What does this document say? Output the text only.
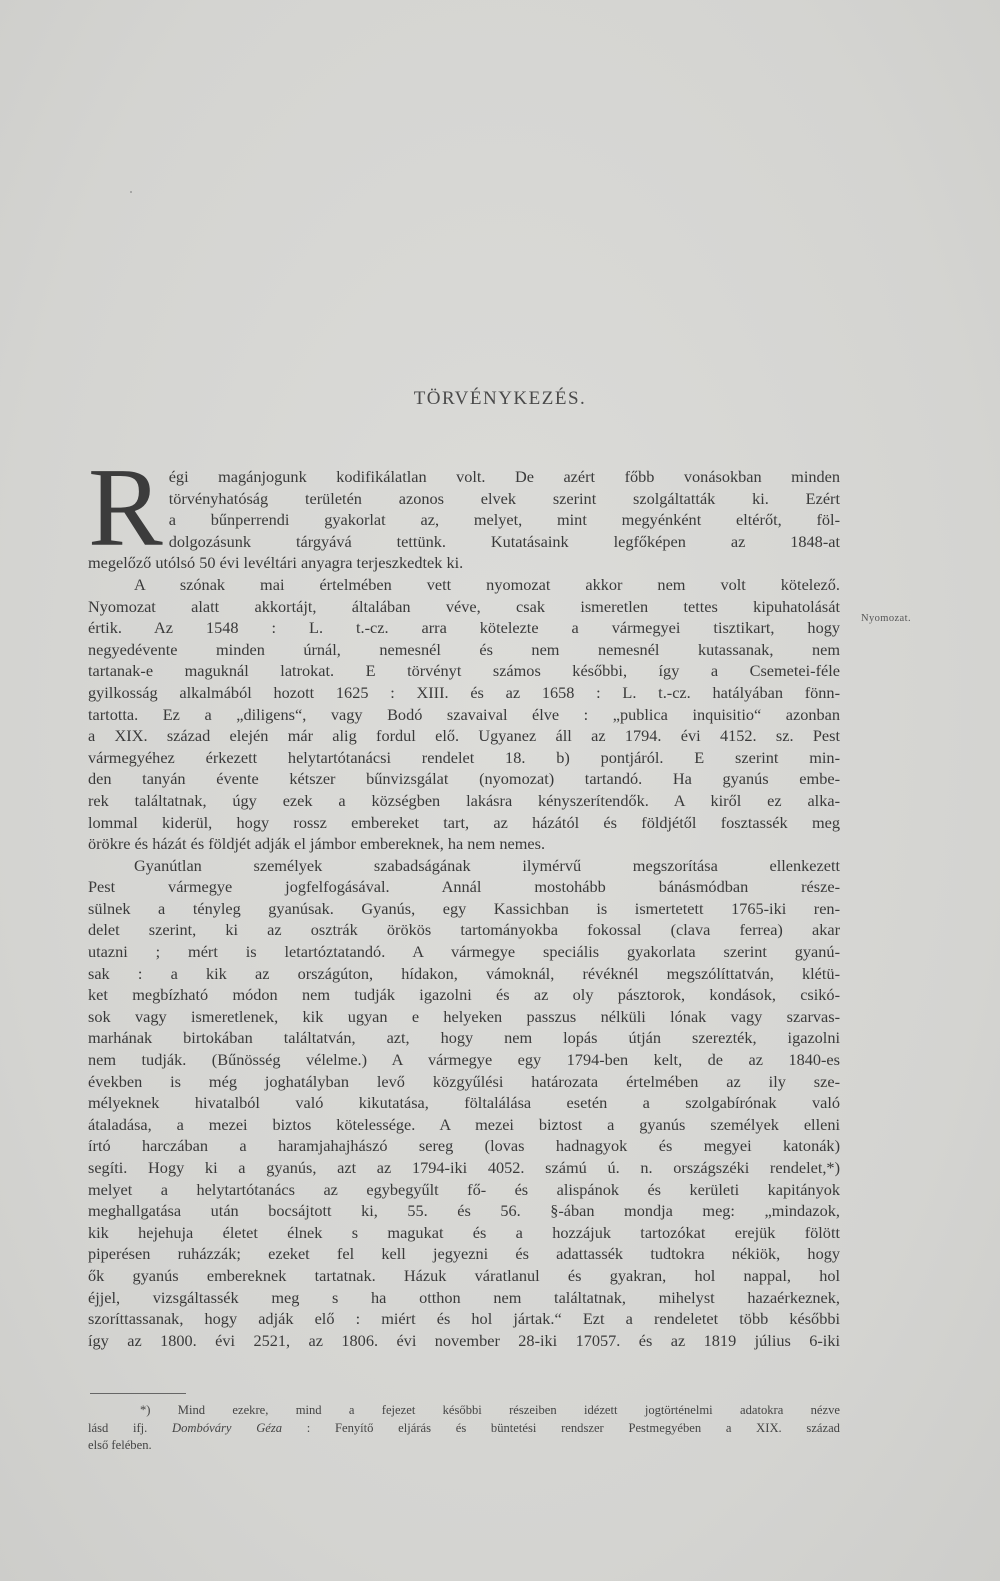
TÖRVÉNYKEZÉS.
R égi magánjogunk kodifikálatlan volt. De azért főbb vonásokban minden
törvényhatóság területén azonos elvek szerint szolgáltatták ki. Ezért
a bűnperrendi gyakorlat az, melyet, mint megyénként eltérőt, föl-
dolgozásunk tárgyává tettünk. Kutatásaink legfőképen az 1848-at
megelőző utólsó 50 évi levéltári anyagra terjeszkedtek ki.
A szónak mai értelmében vett nyomozat akkor nem volt kötelező.
Nyomozat alatt akkortájt, általában véve, csak ismeretlen tettes kipuhatolását
értik. Az 1548 : L. t.-cz. arra kötelezte a vármegyei tisztikart, hogy
negyedévente minden úrnál, nemesnél és nem nemesnél kutassanak, nem
tartanak-e maguknál latrokat. E törvényt számos későbbi, így a Csemetei-féle
gyilkosság alkalmából hozott 1625 : XIII. és az 1658 : L. t.-cz. hatályában fönn-
tartotta. Ez a „diligens“, vagy Bodó szavaival élve : „publica inquisitio“ azonban
a XIX. század elején már alig fordul elő. Ugyanez áll az 1794. évi 4152. sz. Pest
vármegyéhez érkezett helytartótanácsi rendelet 18. b) pontjáról. E szerint min-
den tanyán évente kétszer bűnvizsgálat (nyomozat) tartandó. Ha gyanús embe-
rek találtatnak, úgy ezek a községben lakásra kényszerítendők. A kiről ez alka-
lommal kiderül, hogy rossz embereket tart, az házától és földjétől fosztassék meg
örökre és házát és földjét adják el jámbor embereknek, ha nem nemes.
Gyanútlan személyek szabadságának ilymérvű megszorítása ellenkezett
Pest vármegye jogfelfogásával. Annál mostohább bánásmódban része-
sülnek a tényleg gyanúsak. Gyanús, egy Kassichban is ismertetett 1765-iki ren-
delet szerint, ki az osztrák örökös tartományokba fokossal (clava ferrea) akar
utazni ; mért is letartóztatandó. A vármegye speciális gyakorlata szerint gyanú-
sak : a kik az országúton, hídakon, vámoknál, révéknél megszólíttatván, klétü-
ket megbízható módon nem tudják igazolni és az oly pásztorok, kondások, csikó-
sok vagy ismeretlenek, kik ugyan e helyeken passzus nélküli lónak vagy szarvas-
marhának birtokában találtatván, azt, hogy nem lopás útján szerezték, igazolni
nem tudják. (Bűnösség vélelme.) A vármegye egy 1794-ben kelt, de az 1840-es
években is még joghatályban levő közgyűlési határozata értelmében az ily sze-
mélyeknek hivatalból való kikutatása, föltalálása esetén a szolgabírónak való
átaladása, a mezei biztos kötelessége. A mezei biztost a gyanús személyek elleni
írtó harczában a haramjahajhászó sereg (lovas hadnagyok és megyei katonák)
segíti. Hogy ki a gyanús, azt az 1794-iki 4052. számú ú. n. országszéki rendelet,*)
melyet a helytartótanács az egybegyűlt fő- és alispánok és kerületi kapitányok
meghallgatása után bocsájtott ki, 55. és 56. §-ában mondja meg: „mindazok,
kik hejehuja életet élnek s magukat és a hozzájuk tartozókat erejük fölött
piperésen ruházzák; ezeket fel kell jegyezni és adattassék tudtokra nékiök, hogy
ők gyanús embereknek tartatnak. Házuk váratlanul és gyakran, hol nappal, hol
éjjel, vizsgáltassék meg s ha otthon nem találtatnak, mihelyst hazaérkeznek,
szoríttassanak, hogy adják elő : miért és hol jártak.“ Ezt a rendeletet több későbbi
így az 1800. évi 2521, az 1806. évi november 28-iki 17057. és az 1819 július 6-iki
Nyomozat.
*) Mind ezekre, mind a fejezet későbbi részeiben idézett jogtörténelmi adatokra nézve
lásd ifj. Dombóváry Géza : Fenyítő eljárás és büntetési rendszer Pestmegyében a XIX. század
első felében.
